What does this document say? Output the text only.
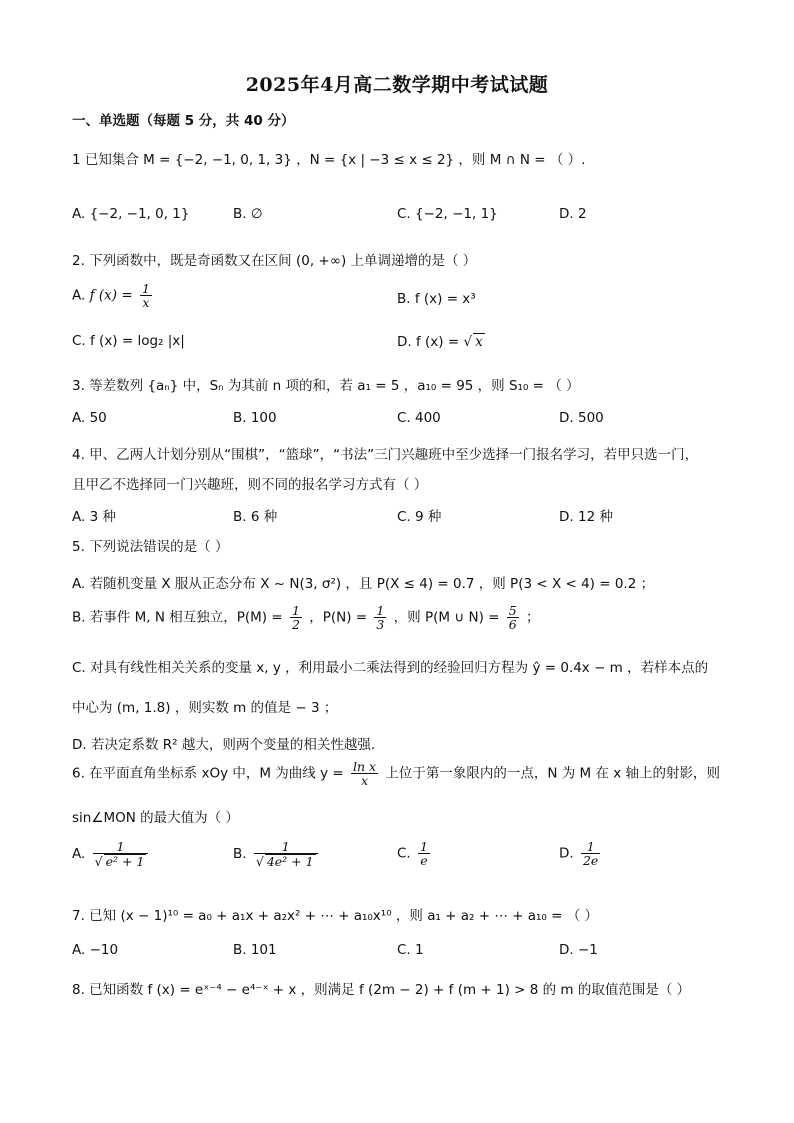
2025年4月高二数学期中考试试题
一、单选题（每题 5 分，共 40 分）
1 已知集合 M = {−2, −1, 0, 1, 3} ，N = {x | −3 ≤ x ≤ 2} ，则 M ∩ N = （ ）.
A. {−2, −1, 0, 1}	B. ∅	C. {−2, −1, 1}	D. 2
2. 下列函数中，既是奇函数又在区间 (0, +∞) 上单调递增的是（ ）
A. f $(x) = \frac{1}{x}$	B. f (x) = x³
C. f (x) = log₂ |x|	D. f (x) = √ x
3. 等差数列 {aₙ} 中，Sₙ 为其前 n 项的和，若 a₁ = 5 ，a₁₀ = 95 ，则 S₁₀ = （ ）
A. 50	B. 100	C. 400	D. 500
4. 甲、乙两人计划分别从“围棋”，“篮球”，“书法”三门兴趣班中至少选择一门报名学习，若甲只选一门，
且甲乙不选择同一门兴趣班，则不同的报名学习方式有（ ）
A. 3 种	B. 6 种	C. 9 种	D. 12 种
5. 下列说法错误的是（ ）
A. 若随机变量 X 服从正态分布 X ~ N(3, σ²) ，且 P(X ≤ 4) = 0.7 ，则 P(3 < X < 4) = 0.2 ；
B. 若事件 M, N 相互独立，$P(M) = \frac{1}{2}$ ，$P(N) = \frac{1}{3}$ ，则 P(M ∪ $N) = \frac{5}{6}$ ；
C. 对具有线性相关关系的变量 x, y ，利用最小二乘法得到的经验回归方程为 ŷ = 0.4x − m ，若样本点的
中心为 (m, 1.8) ，则实数 m 的值是 − 3 ；
D. 若决定系数 R² 越大，则两个变量的相关性越强.
6. 在平面直角坐标系 xOy 中，M 为曲线 $y = \frac{\text{ln x}}{x}$ 上位于第一象限内的一点，N 为 M 在 x 轴上的射影，则
sin∠MON 的最大值为（ ）
A. $\frac{1}{\text{√ e² + 1}}$	B. $\frac{1}{\text{√ 4e² + 1}}$	C. $\frac{1}{e}$	D. $\frac{1}{2e}$
7. 已知 (x − 1)¹⁰ = a₀ + a₁x + a₂x² + ⋯ + a₁₀x¹⁰ ，则 a₁ + a₂ + ⋯ + a₁₀ = （ ）
A. −10	B. 101	C. 1	D. −1
8. 已知函数 f (x) = eˣ⁻⁴ − e⁴⁻ˣ + x ，则满足 f (2m − 2) + f (m + 1) > 8 的 m 的取值范围是（ ）
